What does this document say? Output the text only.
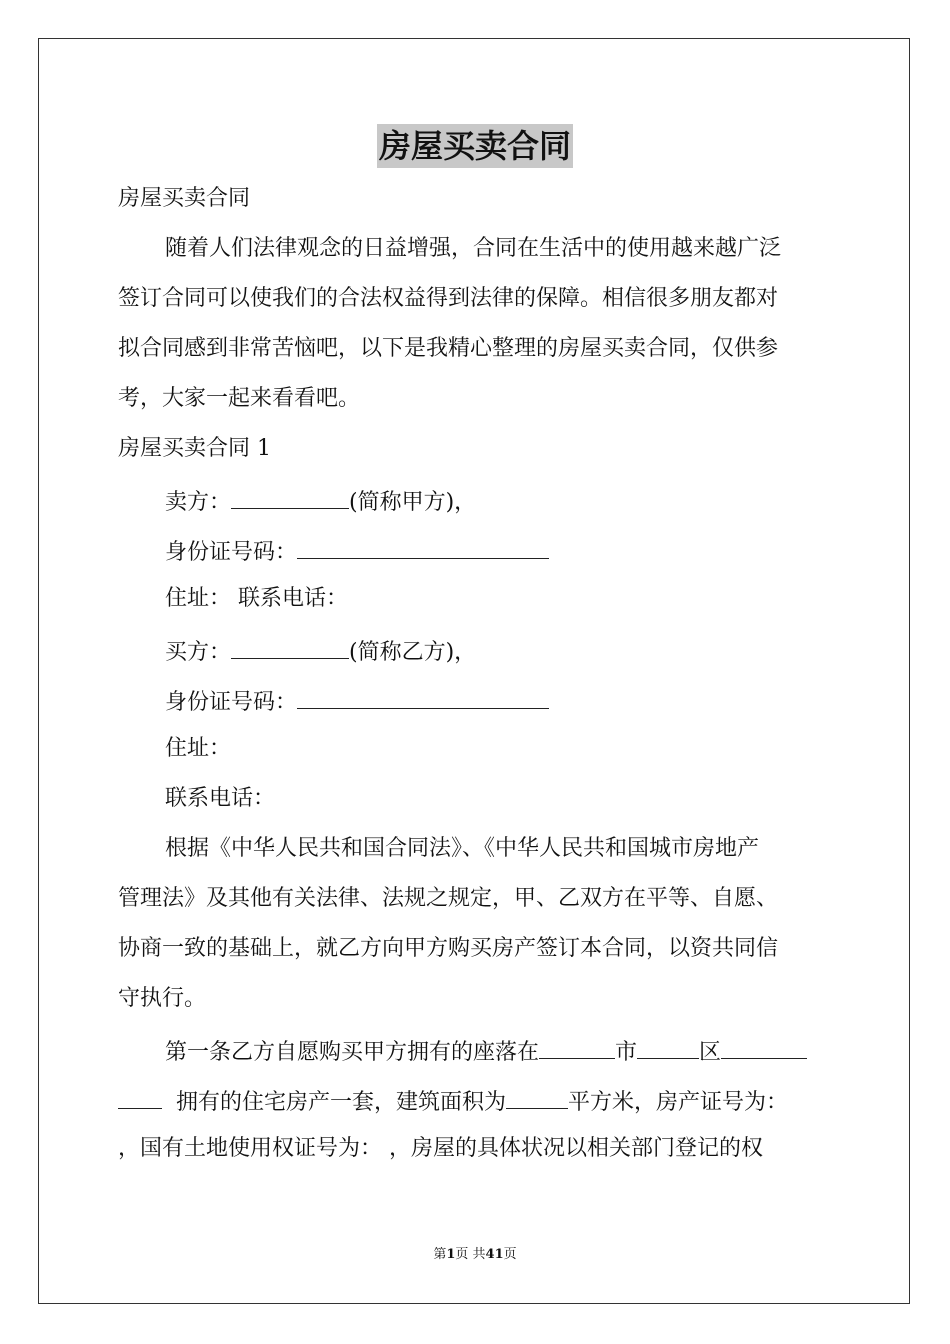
房屋买卖合同
房屋买卖合同
随着人们法律观念的日益增强，合同在生活中的使用越来越广泛
签订合同可以使我们的合法权益得到法律的保障。相信很多朋友都对
拟合同感到非常苦恼吧，以下是我精心整理的房屋买卖合同，仅供参
考，大家一起来看看吧。
房屋买卖合同 1
卖方：	(简称甲方)，
身份证号码：
住址： 联系电话：
买方：	(简称乙方)，
身份证号码：
住址：
联系电话：
根据《中华人民共和国合同法》、《中华人民共和国城市房地产
管理法》及其他有关法律、法规之规定，甲、乙双方在平等、自愿、
协商一致的基础上，就乙方向甲方购买房产签订本合同，以资共同信
守执行。
第一条乙方自愿购买甲方拥有的座落在	市	区
拥有的住宅房产一套，建筑面积为	平方米，房产证号为：
，国有土地使用权证号为： ，房屋的具体状况以相关部门登记的权
第1页 共41页
